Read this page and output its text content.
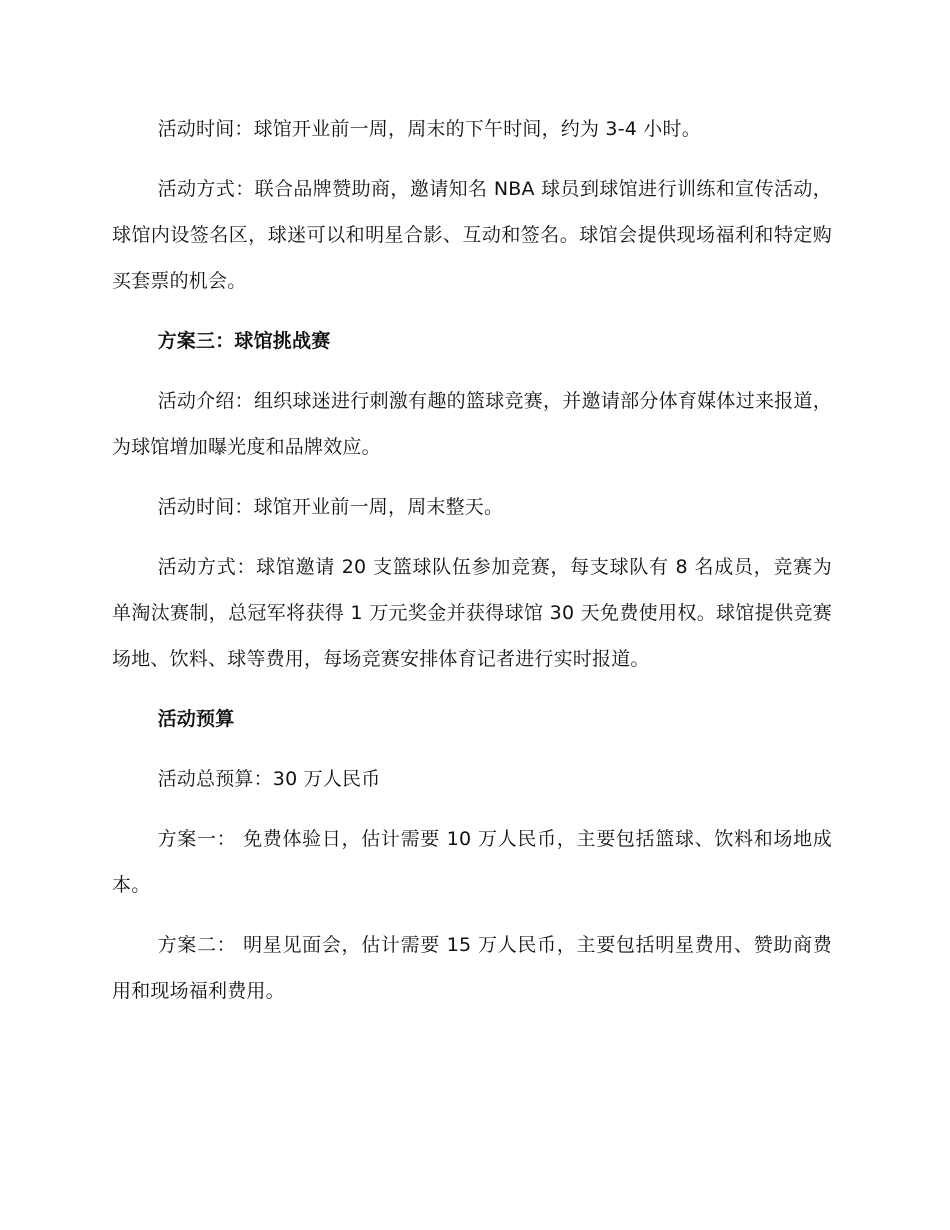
活动时间：球馆开业前一周，周末的下午时间，约为 3-4 小时。

活动方式：联合品牌赞助商，邀请知名 NBA 球员到球馆进行训练和宣传活动，球馆内设签名区，球迷可以和明星合影、互动和签名。球馆会提供现场福利和特定购买套票的机会。

方案三：球馆挑战赛

活动介绍：组织球迷进行刺激有趣的篮球竞赛，并邀请部分体育媒体过来报道，为球馆增加曝光度和品牌效应。

活动时间：球馆开业前一周，周末整天。

活动方式：球馆邀请 20 支篮球队伍参加竞赛，每支球队有 8 名成员，竞赛为单淘汰赛制，总冠军将获得 1 万元奖金并获得球馆 30 天免费使用权。球馆提供竞赛场地、饮料、球等费用，每场竞赛安排体育记者进行实时报道。

活动预算

活动总预算：30 万人民币

方案一： 免费体验日，估计需要 10 万人民币，主要包括篮球、饮料和场地成本。

方案二： 明星见面会，估计需要 15 万人民币，主要包括明星费用、赞助商费用和现场福利费用。
